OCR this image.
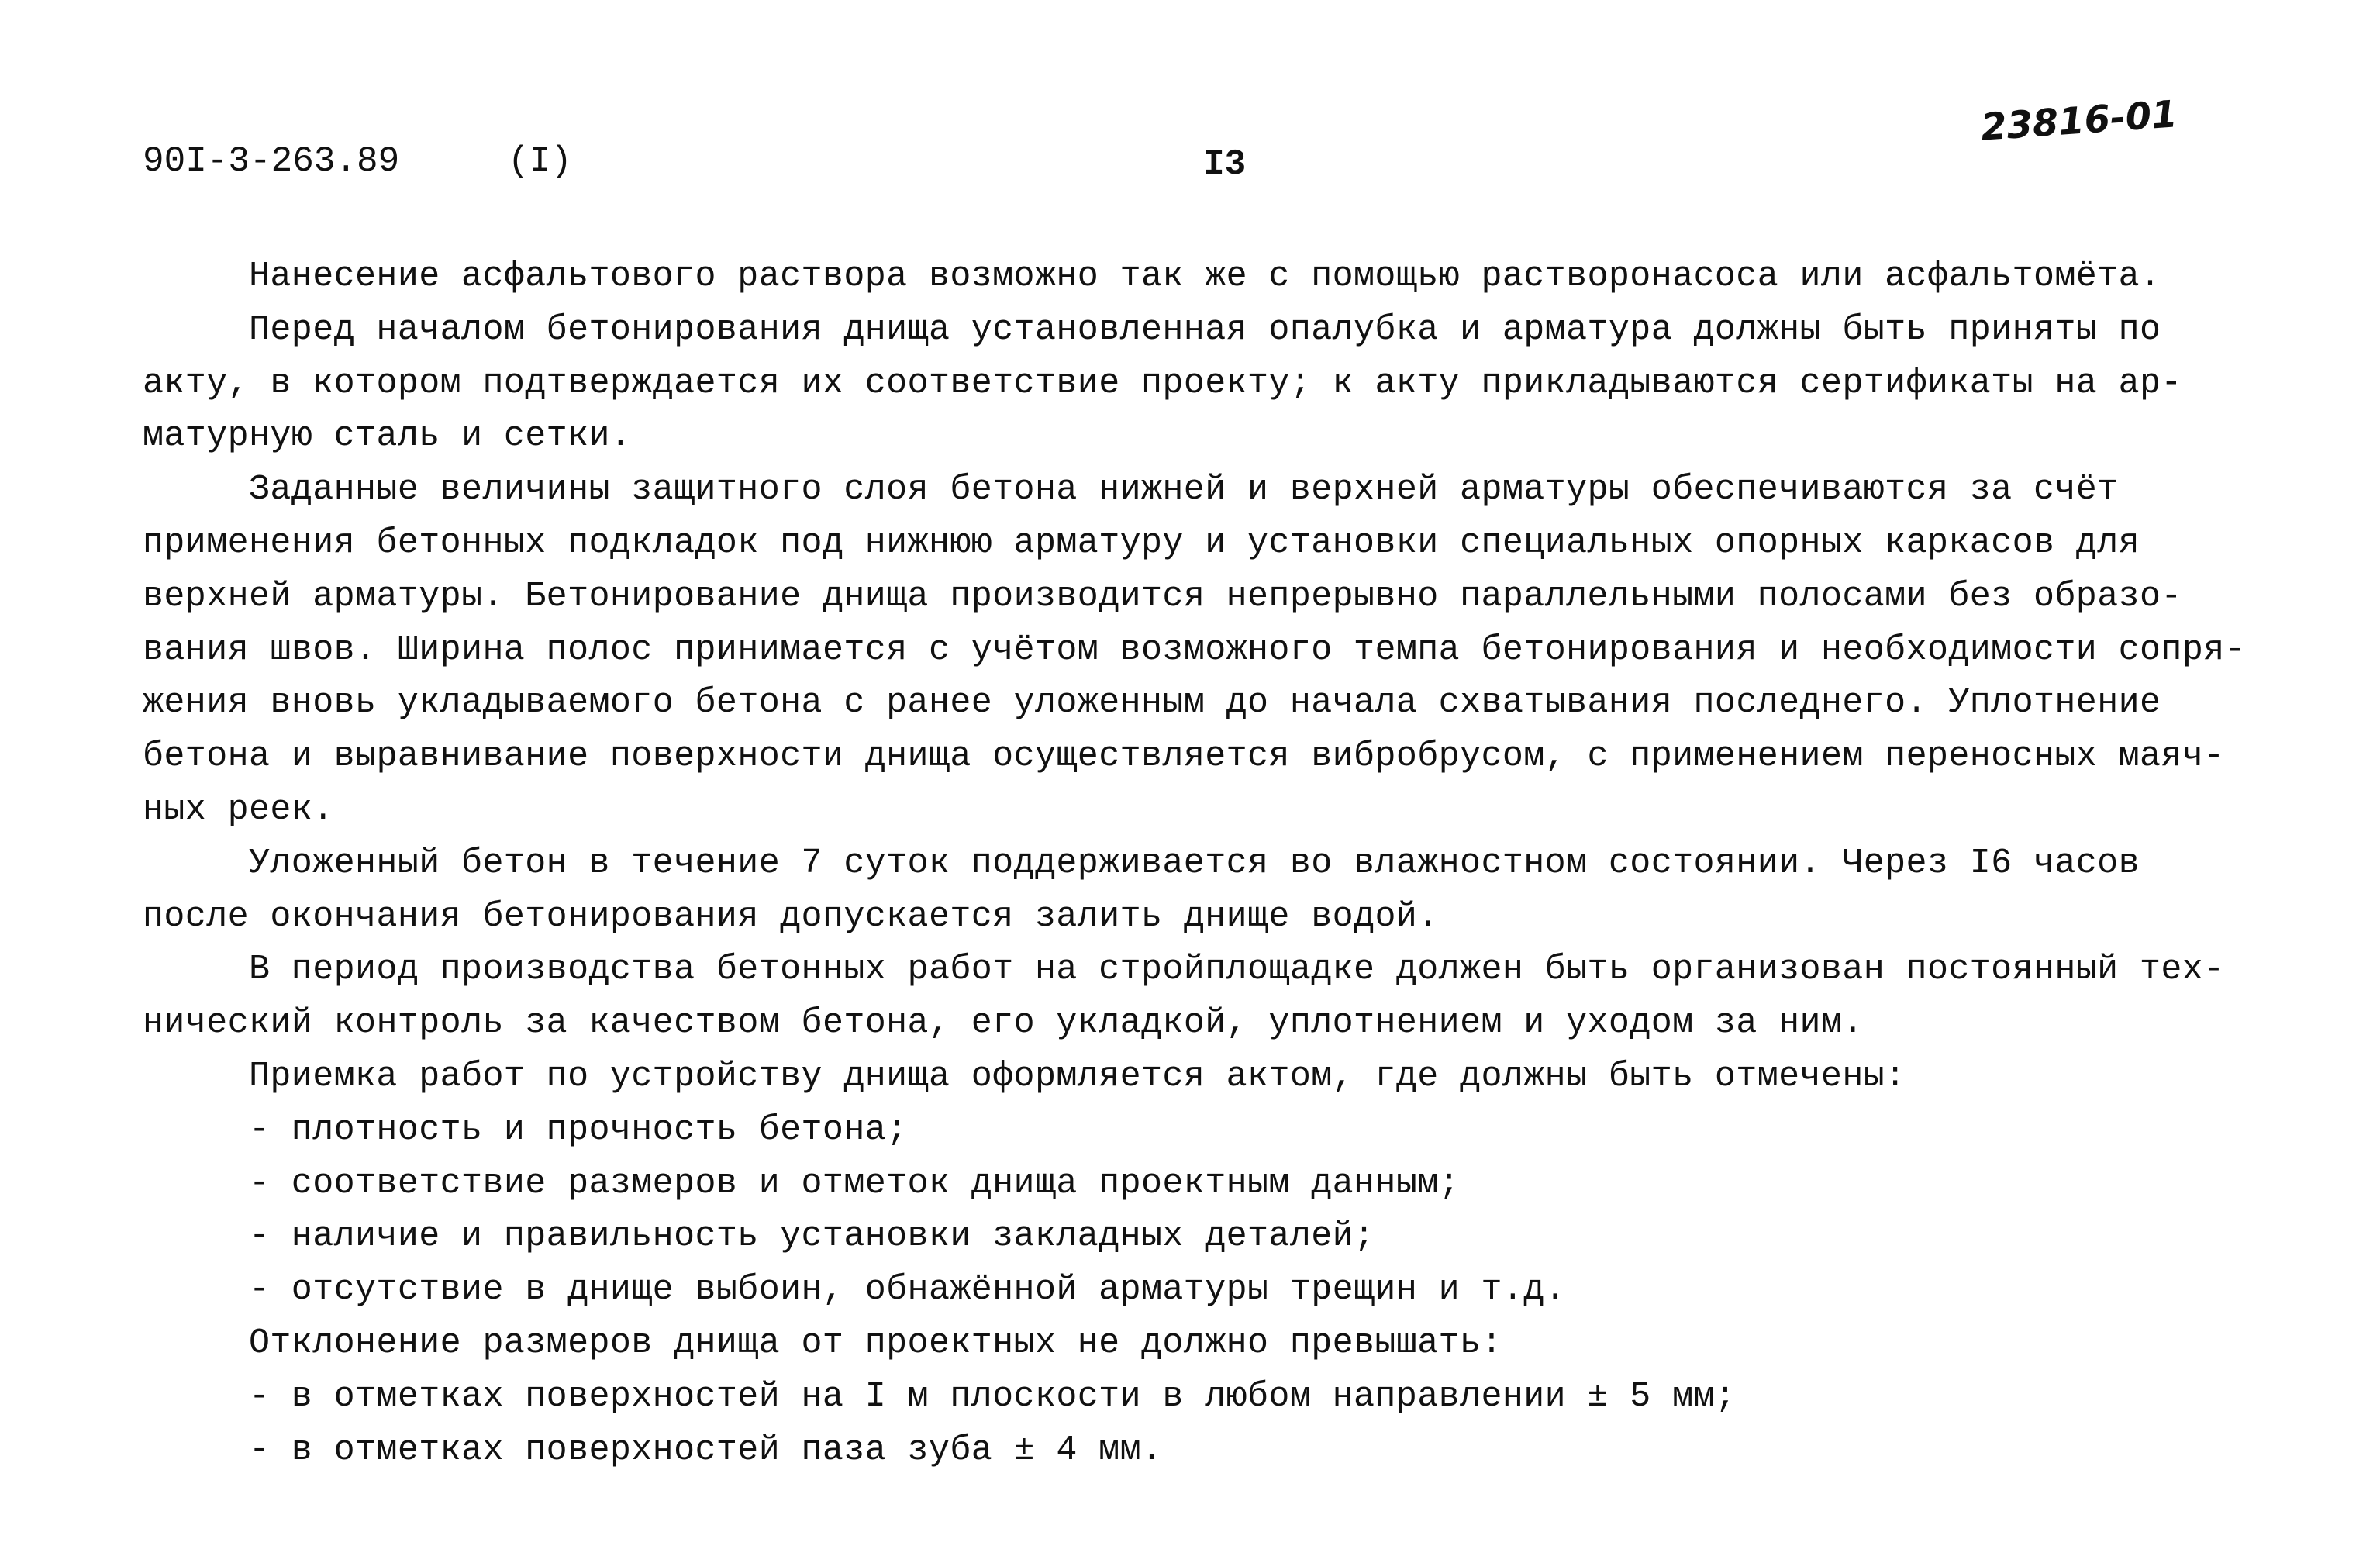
90I-3-263.89	(I)	I3
23816-01
Нанесение асфальтового раствора возможно так же с помощью растворонасоса или асфальтомёта.
Перед началом бетонирования днища установленная опалубка и арматура должны быть приняты по
акту, в котором подтверждается их соответствие проекту; к акту прикладываются сертификаты на ар-
матурную сталь и сетки.
Заданные величины защитного слоя бетона нижней и верхней арматуры обеспечиваются за счёт
применения бетонных подкладок под нижнюю арматуру и установки специальных опорных каркасов для
верхней арматуры. Бетонирование днища производится непрерывно параллельными полосами без образо-
вания швов. Ширина полос принимается с учётом возможного темпа бетонирования и необходимости сопря-
жения вновь укладываемого бетона с ранее уложенным до начала схватывания последнего. Уплотнение
бетона и выравнивание поверхности днища осуществляется вибробрусом, с применением переносных маяч-
ных реек.
Уложенный бетон в течение 7 суток поддерживается во влажностном состоянии. Через I6 часов
после окончания бетонирования допускается залить днище водой.
В период производства бетонных работ на стройплощадке должен быть организован постоянный тех-
нический контроль за качеством бетона, его укладкой, уплотнением и уходом за ним.
Приемка работ по устройству днища оформляется актом, где должны быть отмечены:
- плотность и прочность бетона;
- соответствие размеров и отметок днища проектным данным;
- наличие и правильность установки закладных деталей;
- отсутствие в днище выбоин, обнажённой арматуры трещин и т.д.
Отклонение размеров днища от проектных не должно превышать:
- в отметках поверхностей на I м плоскости в любом направлении ± 5 мм;
- в отметках поверхностей паза зуба ± 4 мм.
